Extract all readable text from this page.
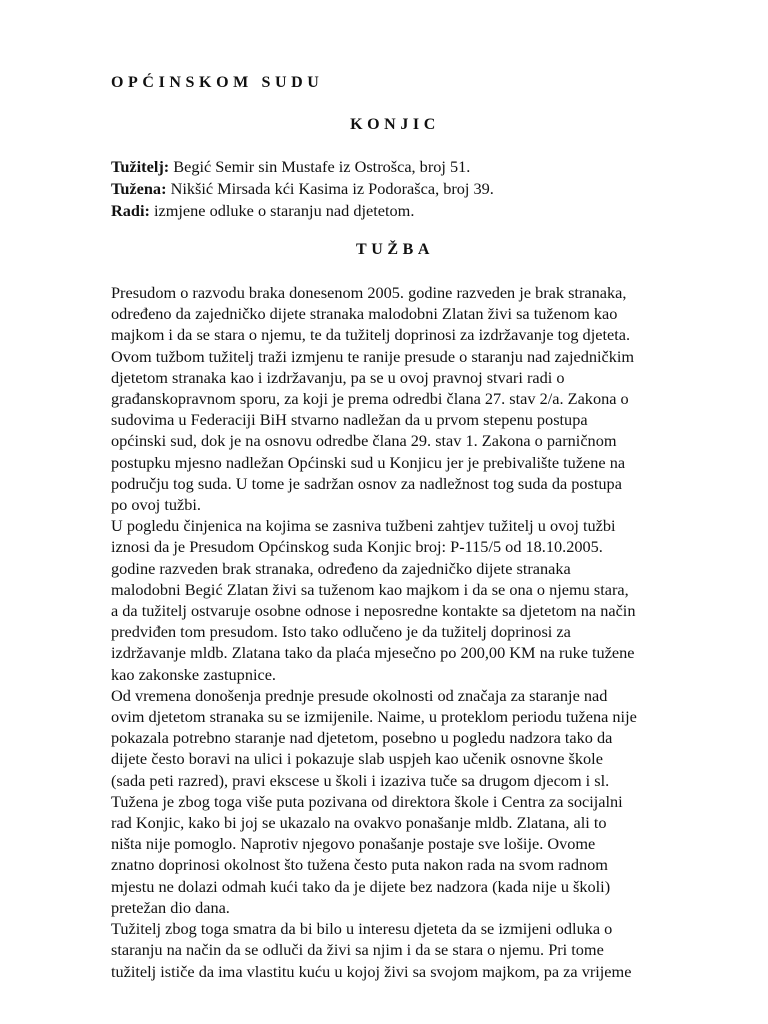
OPĆINSKOM SUDU
KONJIC
Tužitelj: Begić Semir sin Mustafe iz Ostrošca, broj 51.
Tužena: Nikšić Mirsada kći Kasima iz Podorašca, broj 39.
Radi: izmjene odluke o staranju nad djetetom.
TUŽBA
Presudom o razvodu braka donesenom 2005. godine razveden je brak stranaka,
određeno da zajedničko dijete stranaka malodobni Zlatan živi sa tuženom kao
majkom i da se stara o njemu, te da tužitelj doprinosi za izdržavanje tog djeteta.
Ovom tužbom tužitelj traži izmjenu te ranije presude o staranju nad zajedničkim
djetetom stranaka kao i izdržavanju, pa se u ovoj pravnoj stvari radi o
građanskopravnom sporu, za koji je prema odredbi člana 27. stav 2/a. Zakona o
sudovima u Federaciji BiH stvarno nadležan da u prvom stepenu postupa
općinski sud, dok je na osnovu odredbe člana 29. stav 1. Zakona o parničnom
postupku mjesno nadležan Općinski sud u Konjicu jer je prebivalište tužene na
području tog suda. U tome je sadržan osnov za nadležnost tog suda da postupa
po ovoj tužbi.
U pogledu činjenica na kojima se zasniva tužbeni zahtjev tužitelj u ovoj tužbi
iznosi da je Presudom Općinskog suda Konjic broj: P-115/5 od 18.10.2005.
godine razveden brak stranaka, određeno da zajedničko dijete stranaka
malodobni Begić Zlatan živi sa tuženom kao majkom i da se ona o njemu stara,
a da tužitelj ostvaruje osobne odnose i neposredne kontakte sa djetetom na način
predviđen tom presudom. Isto tako odlučeno je da tužitelj doprinosi za
izdržavanje mldb. Zlatana tako da plaća mjesečno po 200,00 KM na ruke tužene
kao zakonske zastupnice.
Od vremena donošenja prednje presude okolnosti od značaja za staranje nad
ovim djetetom stranaka su se izmijenile. Naime, u proteklom periodu tužena nije
pokazala potrebno staranje nad djetetom, posebno u pogledu nadzora tako da
dijete često boravi na ulici i pokazuje slab uspjeh kao učenik osnovne škole
(sada peti razred), pravi ekscese u školi i izaziva tuče sa drugom djecom i sl.
Tužena je zbog toga više puta pozivana od direktora škole i Centra za socijalni
rad Konjic, kako bi joj se ukazalo na ovakvo ponašanje mldb. Zlatana, ali to
ništa nije pomoglo. Naprotiv njegovo ponašanje postaje sve lošije. Ovome
znatno doprinosi okolnost što tužena često puta nakon rada na svom radnom
mjestu ne dolazi odmah kući tako da je dijete bez nadzora (kada nije u školi)
pretežan dio dana.
Tužitelj zbog toga smatra da bi bilo u interesu djeteta da se izmijeni odluka o
staranju na način da se odluči da živi sa njim i da se stara o njemu. Pri tome
tužitelj ističe da ima vlastitu kuću u kojoj živi sa svojom majkom, pa za vrijeme
